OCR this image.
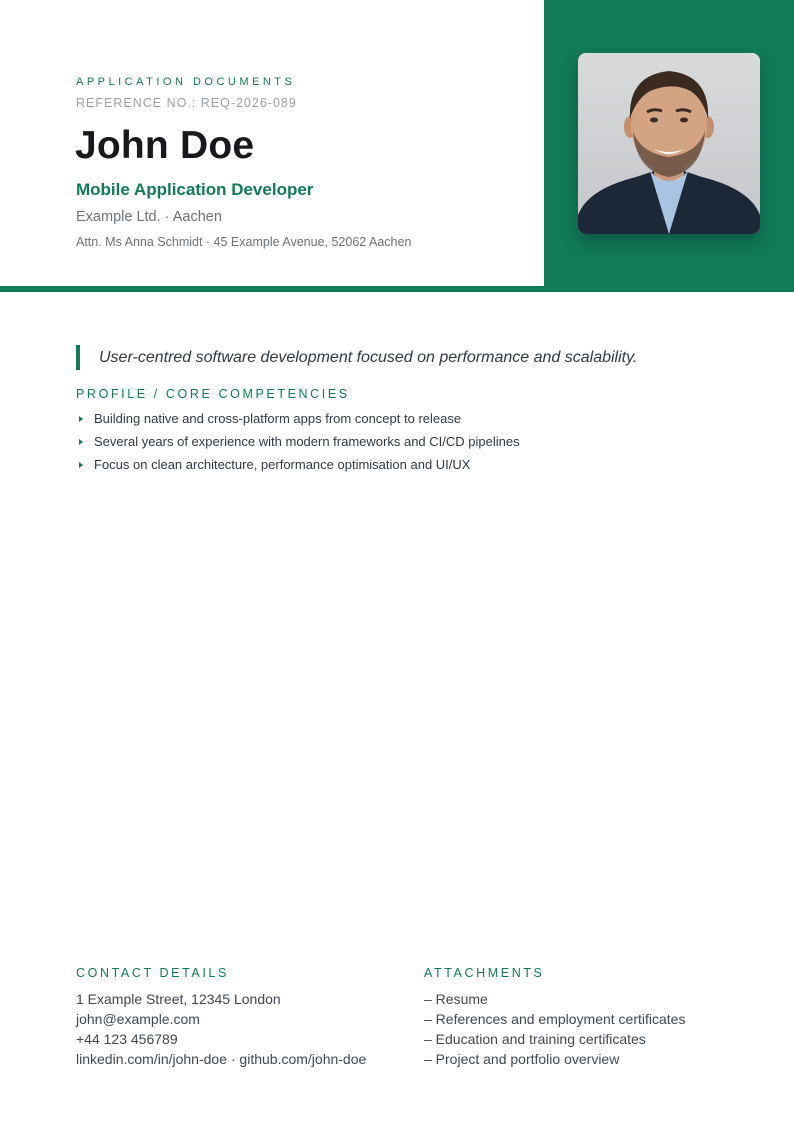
APPLICATION DOCUMENTS
REFERENCE NO.: REQ-2026-089
John Doe
Mobile Application Developer
Example Ltd. · Aachen
Attn. Ms Anna Schmidt · 45 Example Avenue, 52062 Aachen
User-centred software development focused on performance and scalability.
PROFILE / CORE COMPETENCIES
Building native and cross-platform apps from concept to release
Several years of experience with modern frameworks and CI/CD pipelines
Focus on clean architecture, performance optimisation and UI/UX
CONTACT DETAILS
1 Example Street, 12345 London
john@example.com
+44 123 456789
linkedin.com/in/john-doe · github.com/john-doe
ATTACHMENTS
– Resume
– References and employment certificates
– Education and training certificates
– Project and portfolio overview
